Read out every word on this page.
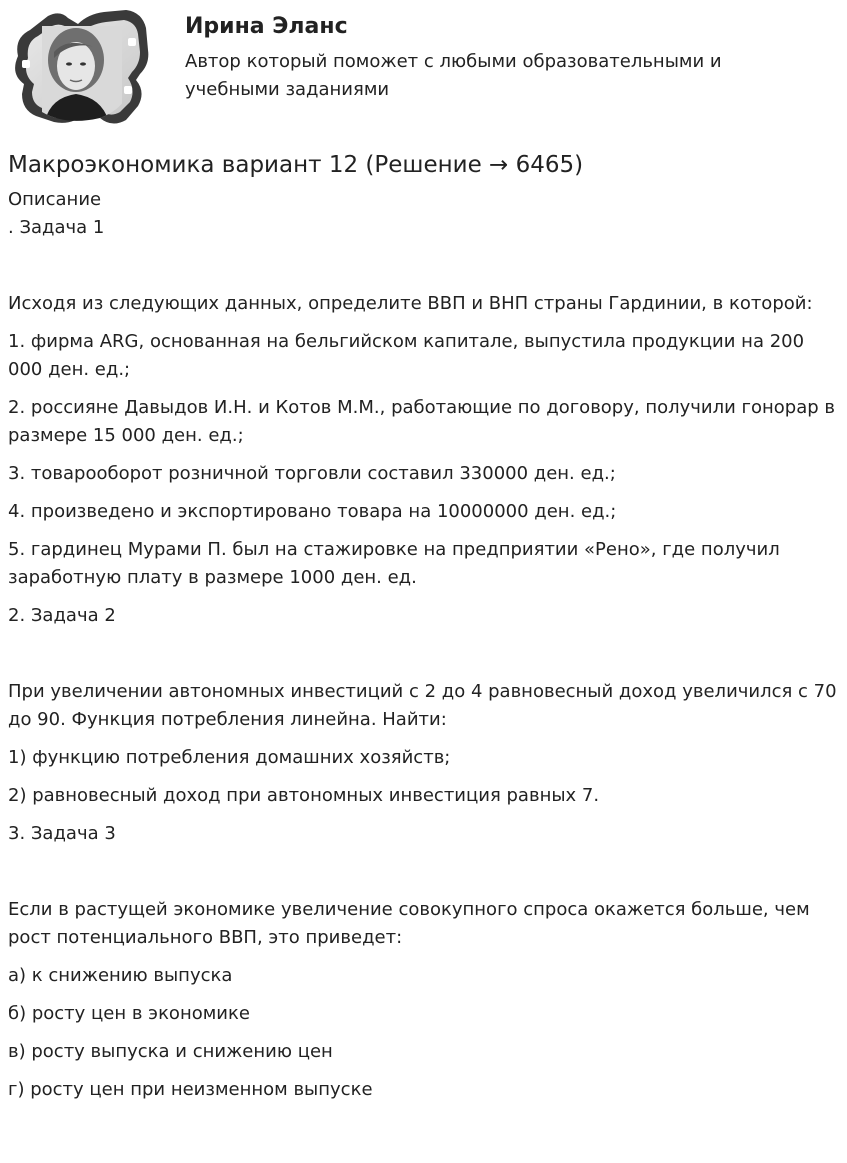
Ирина Эланс

Автор который поможет с любыми образовательными и учебными заданиями

Макроэкономика вариант 12 (Решение → 6465)

Описание

. Задача 1

Исходя из следующих данных, определите ВВП и ВНП страны Гардинии, в которой:

1. фирма ARG, основанная на бельгийском капитале, выпустила продукции на 200 000 ден. ед.;

2. россияне Давыдов И.Н. и Котов М.М., работающие по договору, получили гонорар в размере 15 000 ден. ед.;

3. товарооборот розничной торговли составил 330000 ден. ед.;

4. произведено и экспортировано товара на 10000000 ден. ед.;

5. гардинец Мурами П. был на стажировке на предприятии «Рено», где получил заработную плату в размере 1000 ден. ед.

2. Задача 2

При увеличении автономных инвестиций с 2 до 4 равновесный доход увеличился с 70 до 90. Функция потребления линейна. Найти:

1) функцию потребления домашних хозяйств;

2) равновесный доход при автономных инвестиция равных 7.

3. Задача 3

Если в растущей экономике увеличение совокупного спроса окажется больше, чем рост потенциального ВВП, это приведет:

а) к снижению выпуска

б) росту цен в экономике

в) росту выпуска и снижению цен

г) росту цен при неизменном выпуске
